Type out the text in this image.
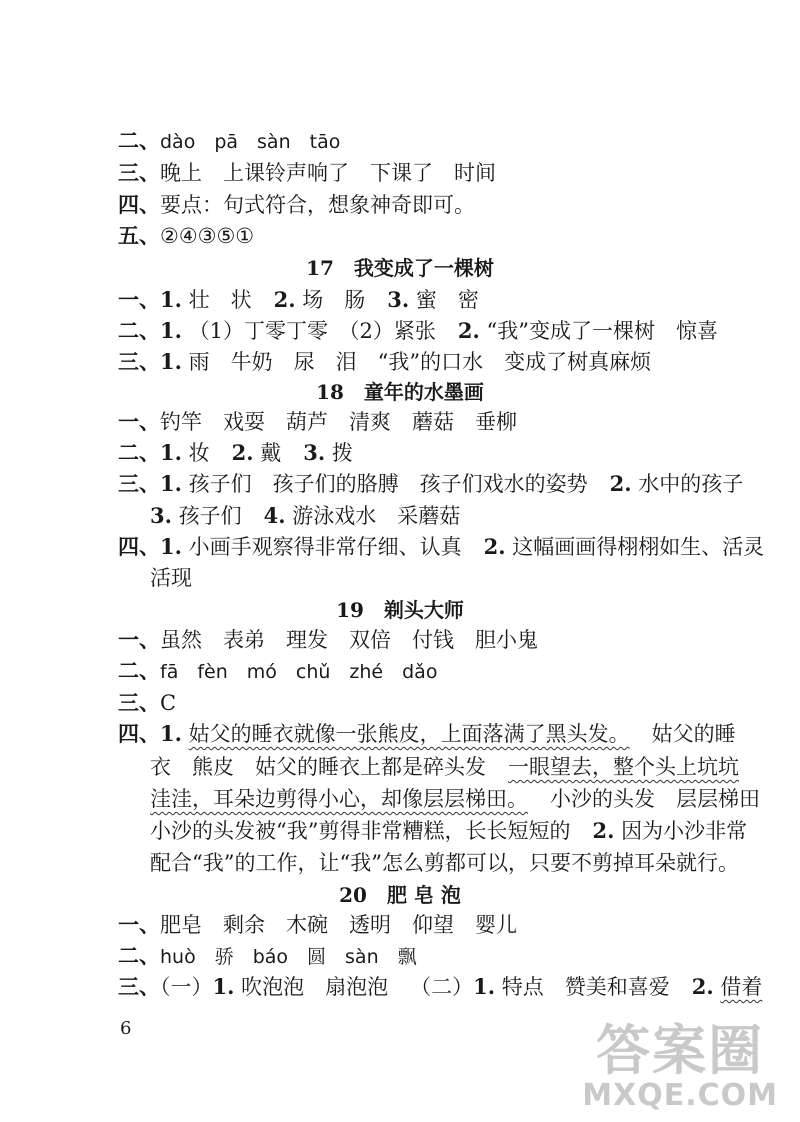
二、dào　pā　sàn　tāo
三、晚上　上课铃声响了　下课了　时间
四、要点：句式符合，想象神奇即可。
五、②④③⑤①
17　我变成了一棵树
一、1. 壮　状 2. 场　肠 3. 蜜　密
二、1. （1）丁零丁零　（2）紧张 2. “我”变成了一棵树　惊喜
三、1. 雨　牛奶　尿　泪　“我”的口水　变成了树真麻烦
18　童年的水墨画
一、钓竿　戏耍　葫芦　清爽　蘑菇　垂柳
二、1. 妆 2. 戴 3. 拨
三、1. 孩子们　孩子们的胳膊　孩子们戏水的姿势 2. 水中的孩子
3. 孩子们 4. 游泳戏水　采蘑菇
四、1. 小画手观察得非常仔细、认真 2. 这幅画画得栩栩如生、活灵
活现
19　剃头大师
一、虽然　表弟　理发　双倍　付钱　胆小鬼
二、fā　fèn　mó　chǔ　zhé　dǎo
三、C
四、1. 姑父的睡衣就像一张熊皮，上面落满了黑头发。 姑父的睡
衣　熊皮　姑父的睡衣上都是碎头发 一眼望去，整个头上坑坑
洼洼，耳朵边剪得小心，却像层层梯田。 小沙的头发　层层梯田
小沙的头发被“我”剪得非常糟糕，长长短短的 2. 因为小沙非常
配合“我”的工作，让“我”怎么剪都可以，只要不剪掉耳朵就行。
20　肥 皂 泡
一、肥皂　剩余　木碗　透明　仰望　婴儿
二、huò　骄　báo　圆　sàn　飘
三、（一）1. 吹泡泡　扇泡泡 （二）1. 特点　赞美和喜爱 2. 借着
6	答案圈
MXQE.COM
